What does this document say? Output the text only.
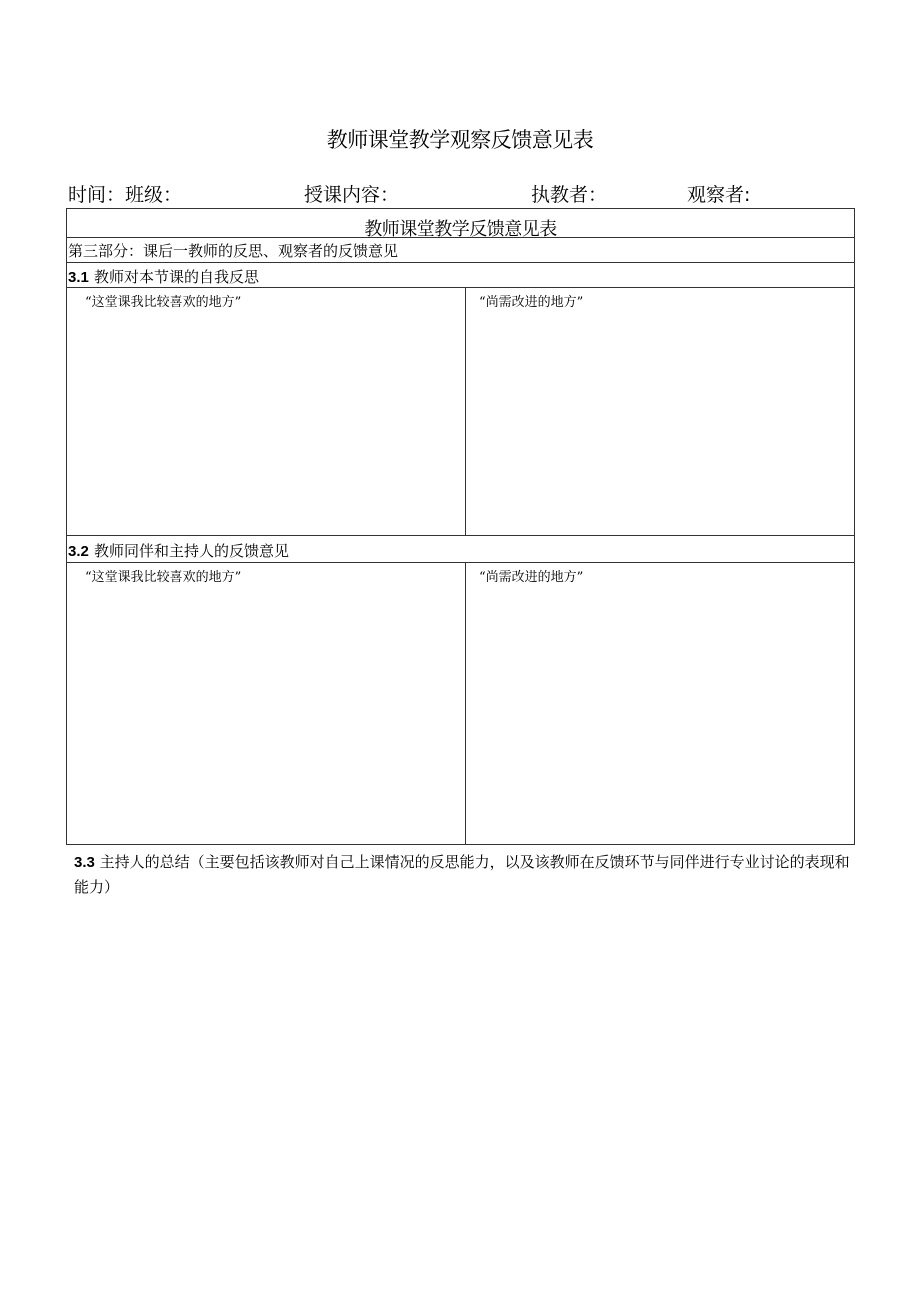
教师课堂教学观察反馈意见表
时间：班级：	授课内容：	执教者：	观察者:
教师课堂教学反馈意见表
第三部分：课后一教师的反思、观察者的反馈意见
3.1 教师对本节课的自我反思
“这堂课我比较喜欢的地方”	“尚需改进的地方”
3.2 教师同伴和主持人的反馈意见
“这堂课我比较喜欢的地方”	“尚需改进的地方”
3.3 主持人的总结（主要包括该教师对自己上课情况的反思能力，以及该教师在反馈环节与同伴进行专业讨论的表现和能力）
